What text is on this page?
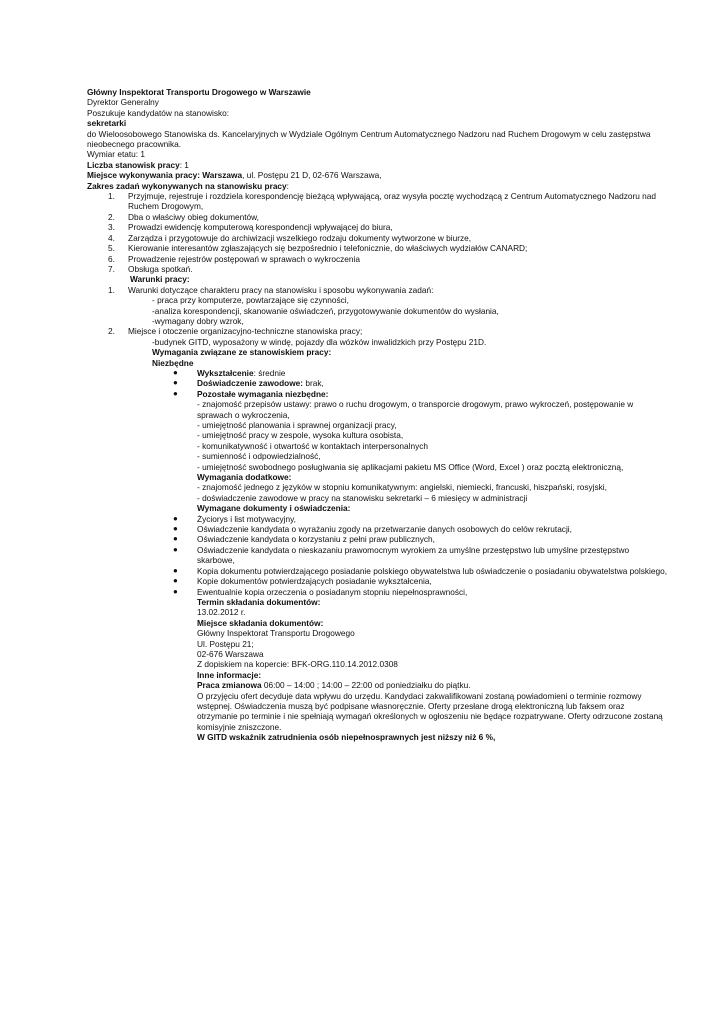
Główny Inspektorat Transportu Drogowego w Warszawie
Dyrektor Generalny
Poszukuje kandydatów na stanowisko:
sekretarki
do Wieloosobowego Stanowiska ds. Kancelaryjnych w Wydziale Ogólnym Centrum Automatycznego Nadzoru nad Ruchem Drogowym w celu zastępstwa nieobecnego pracownika.
Wymiar etatu: 1
Liczba stanowisk pracy: 1
Miejsce wykonywania pracy: Warszawa, ul. Postępu 21 D, 02-676 Warszawa,
Zakres zadań wykonywanych na stanowisku pracy:
1. Przyjmuje, rejestruje i rozdziela korespondencję bieżącą wpływającą, oraz wysyła pocztę wychodzącą z Centrum Automatycznego Nadzoru nad Ruchem Drogowym,
2. Dba o właściwy obieg dokumentów,
3. Prowadzi ewidencję komputerową korespondencji wpływającej do biura,
4. Zarządza i przygotowuje do archiwizacji wszelkiego rodzaju dokumenty wytworzone w biurze,
5. Kierowanie interesantów zgłaszających się bezpośrednio i telefonicznie, do właściwych wydziałów CANARD;
6. Prowadzenie rejestrów postępowań w sprawach o wykroczenia
7. Obsługa spotkań.
Warunki pracy:
1. Warunki dotyczące charakteru pracy na stanowisku i sposobu wykonywania zadań:
- praca przy komputerze, powtarzające się czynności,
-analiza korespondencji, skanowanie oświadczeń, przygotowywanie dokumentów do wysłania,
-wymagany dobry wzrok,
2. Miejsce i otoczenie organizacyjno-techniczne stanowiska pracy;
-budynek GITD, wyposażony w windę, pojazdy dla wózków inwalidzkich przy Postępu 21D.
Wymagania związane ze stanowiskiem pracy:
Niezbędne
● Wykształcenie: średnie
● Doświadczenie zawodowe: brak,
● Pozostałe wymagania niezbędne:
- znajomość przepisów ustawy: prawo o ruchu drogowym, o transporcie drogowym, prawo wykroczeń, postępowanie w sprawach o wykroczenia,
- umiejętność planowania i sprawnej organizacji pracy,
- umiejętność pracy w zespole, wysoka kultura osobista,
- komunikatywność i otwartość w kontaktach interpersonalnych
- sumienność i odpowiedzialność,
- umiejętność swobodnego posługiwania się aplikacjami pakietu MS Office (Word, Excel ) oraz pocztą elektroniczną,
Wymagania dodatkowe:
- znajomość jednego z języków w stopniu komunikatywnym: angielski, niemiecki, francuski, hiszpański, rosyjski,
- doświadczenie zawodowe w pracy na stanowisku sekretarki – 6 miesięcy w administracji
Wymagane dokumenty i oświadczenia:
● Życiorys i list motywacyjny,
● Oświadczenie kandydata o wyrażaniu zgody na przetwarzanie danych osobowych do celów rekrutacji,
● Oświadczenie kandydata o korzystaniu z pełni praw publicznych,
● Oświadczenie kandydata o nieskazaniu prawomocnym wyrokiem za umyślne przestępstwo lub umyślne przestępstwo skarbowe,
● Kopia dokumentu potwierdzającego posiadanie polskiego obywatelstwa lub oświadczenie o posiadaniu obywatelstwa polskiego,
● Kopie dokumentów potwierdzających posiadanie wykształcenia,
● Ewentualnie kopia orzeczenia o posiadanym stopniu niepełnosprawności,
Termin składania dokumentów:
13.02.2012 r.
Miejsce składania dokumentów:
Główny Inspektorat Transportu Drogowego
Ul. Postępu 21;
02-676 Warszawa
Z dopiskiem na kopercie: BFK-ORG.110.14.2012.0308
Inne informacje:
Praca zmianowa 06:00 – 14:00 ; 14:00 – 22:00 od poniedziałku do piątku.
O przyjęciu ofert decyduje data wpływu do urzędu. Kandydaci zakwalifikowani zostaną powiadomieni o terminie rozmowy wstępnej. Oświadczenia muszą być podpisane własnoręcznie. Oferty przesłane drogą elektroniczną lub faksem oraz otrzymanie po terminie i nie spełniają wymagań określonych w ogłoszeniu nie będące rozpatrywane. Oferty odrzucone zostaną komisyjnie zniszczone.
W GITD wskaźnik zatrudnienia osób niepełnosprawnych jest niższy niż 6 %,
